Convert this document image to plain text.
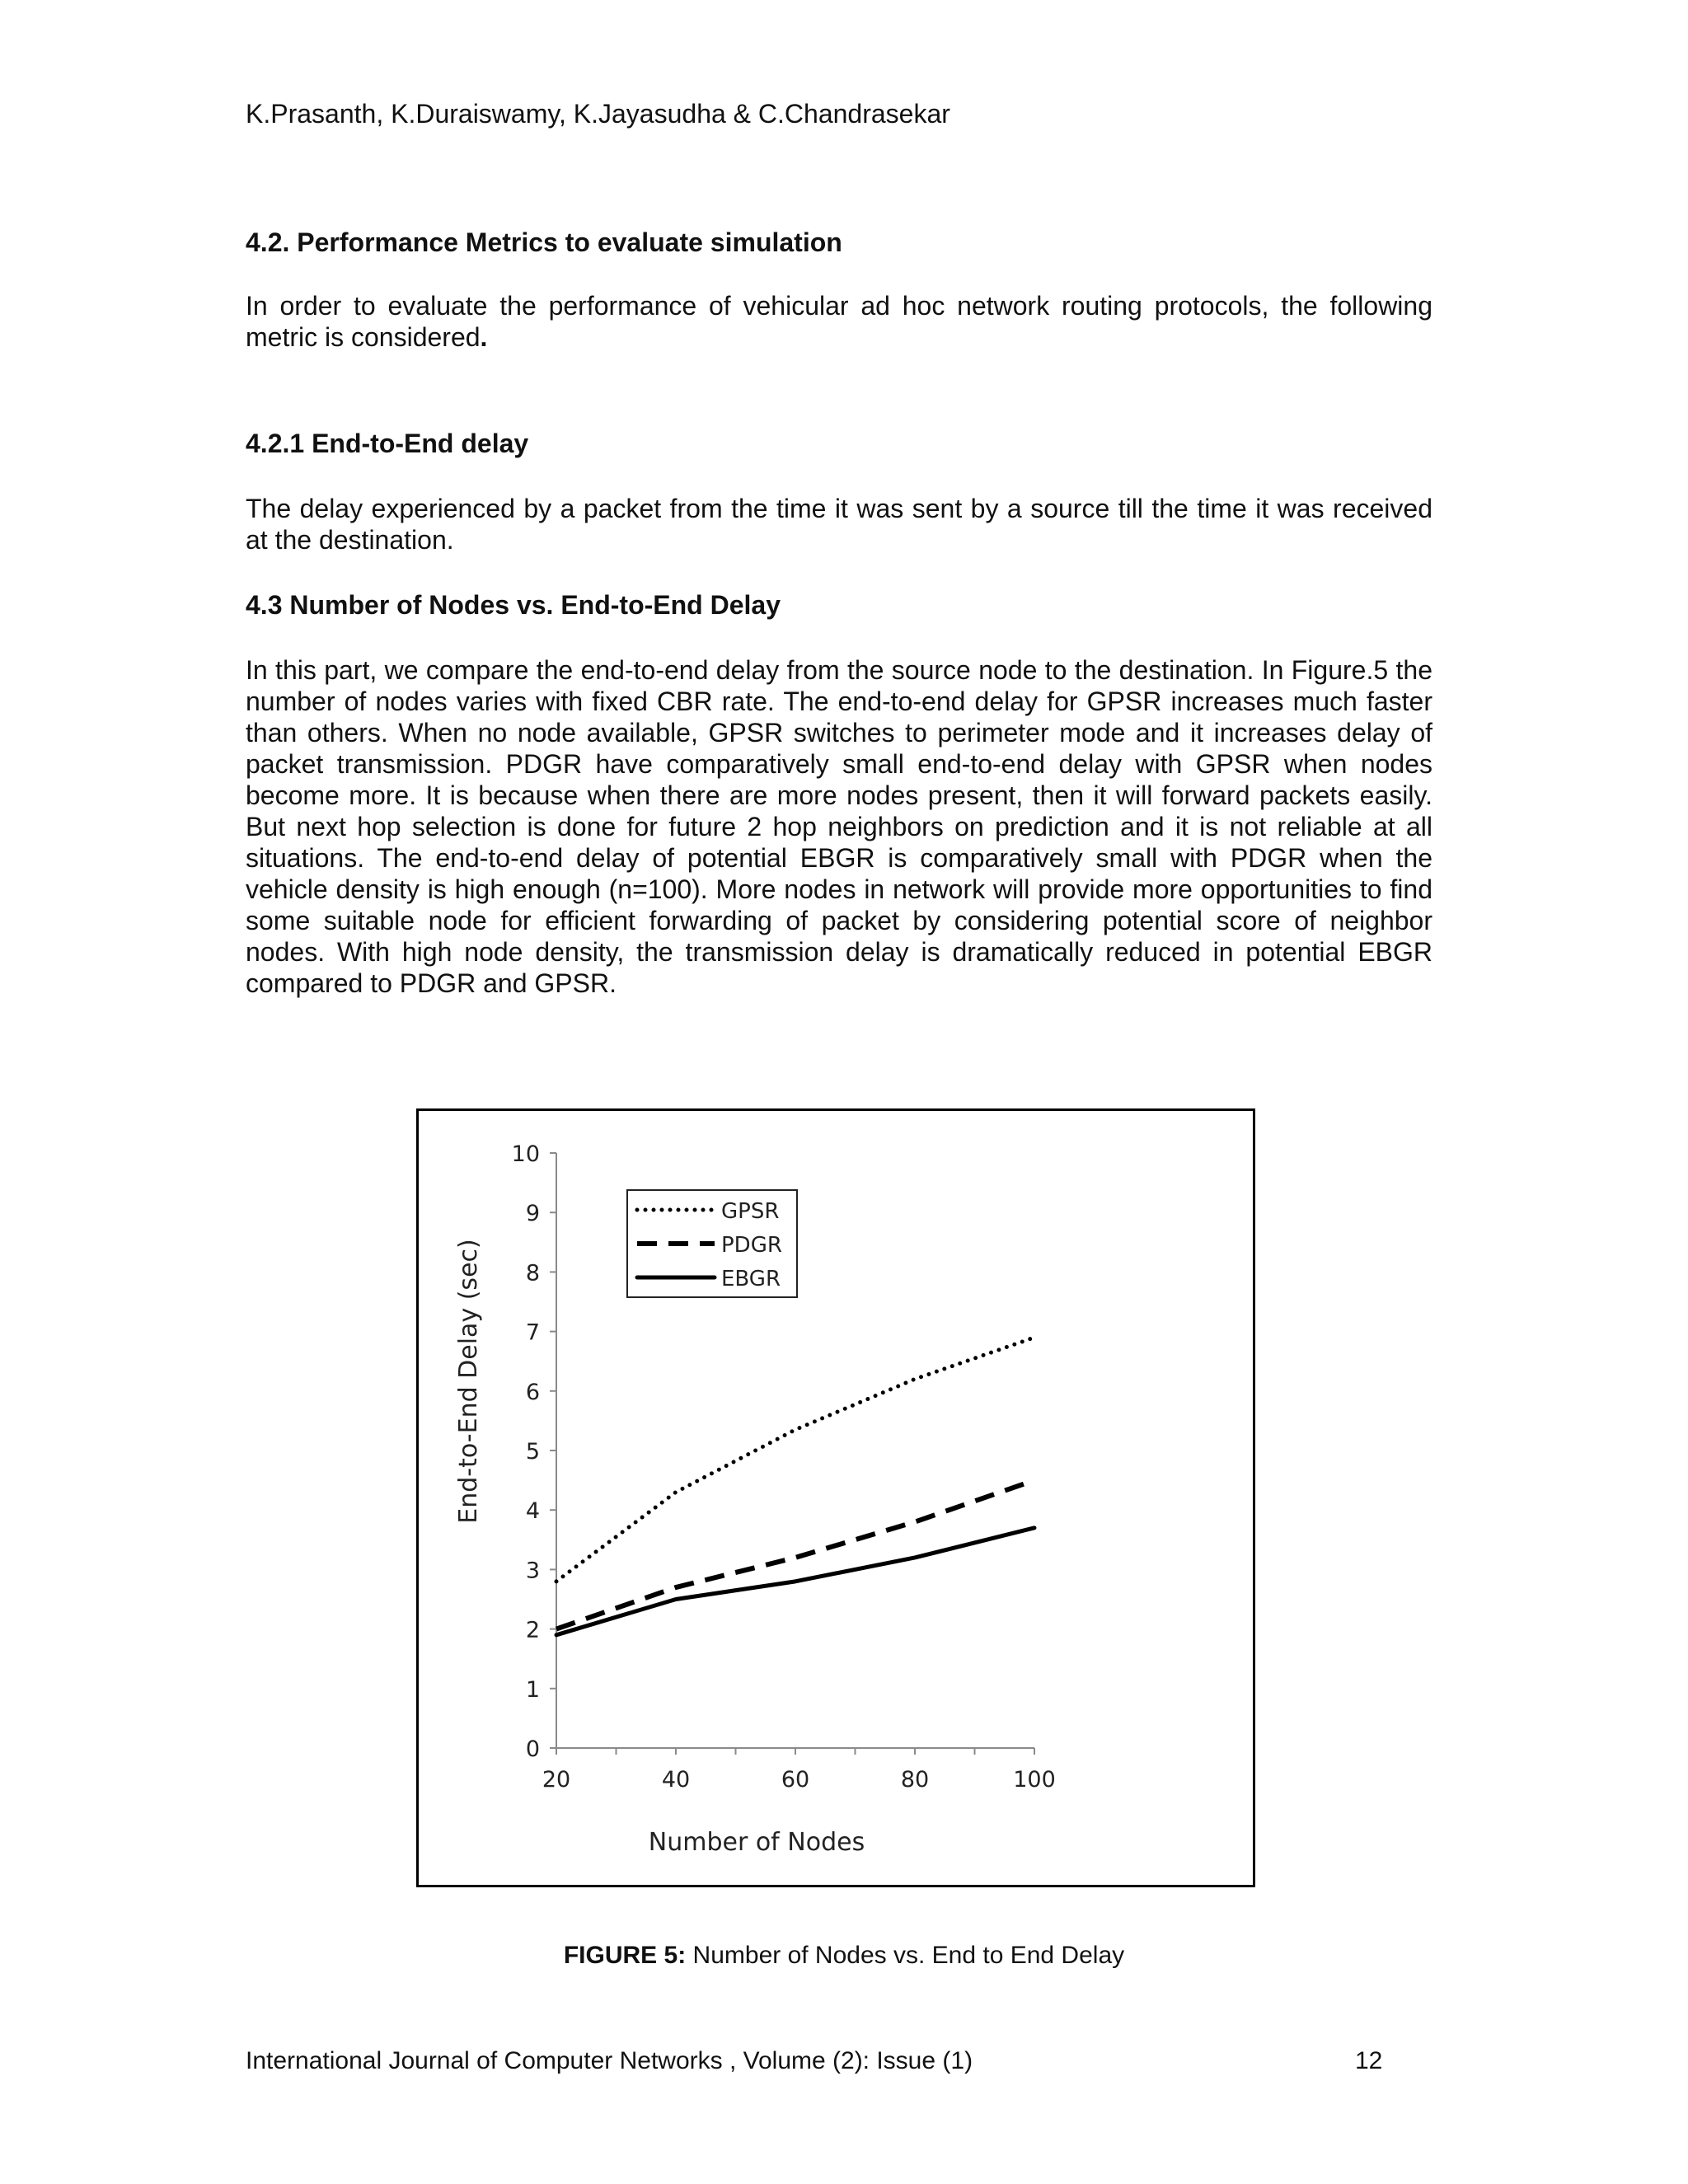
K.Prasanth, K.Duraiswamy, K.Jayasudha & C.Chandrasekar
4.2. Performance Metrics to evaluate simulation
In order to evaluate the performance of vehicular ad hoc network routing protocols, the following metric is considered.
4.2.1 End-to-End delay
The delay experienced by a packet from the time it was sent by a source till the time it was received at the destination.
4.3 Number of Nodes vs. End-to-End Delay
In this part, we compare the end-to-end delay from the source node to the destination. In Figure.5 the number of nodes varies with fixed CBR rate. The end-to-end delay for GPSR increases much faster than others. When no node available, GPSR switches to perimeter mode and it increases delay of packet transmission. PDGR have comparatively small end-to-end delay with GPSR when nodes become more. It is because when there are more nodes present, then it will forward packets easily. But next hop selection is done for future 2 hop neighbors on prediction and it is not reliable at all situations. The end-to-end delay of potential EBGR is comparatively small with PDGR when the vehicle density is high enough (n=100). More nodes in network will provide more opportunities to find some suitable node for efficient forwarding of packet by considering potential score of neighbor nodes. With high node density, the transmission delay is dramatically reduced in potential EBGR compared to PDGR and GPSR.
0
1
2
3
4
5
6
7
8
9
10
20	40	60	80	100
GPSR
PDGR
EBGR
End-to-End Delay (sec)
Number of Nodes
FIGURE 5: Number of Nodes vs. End to End Delay
International Journal of Computer Networks , Volume (2): Issue (1)	12
